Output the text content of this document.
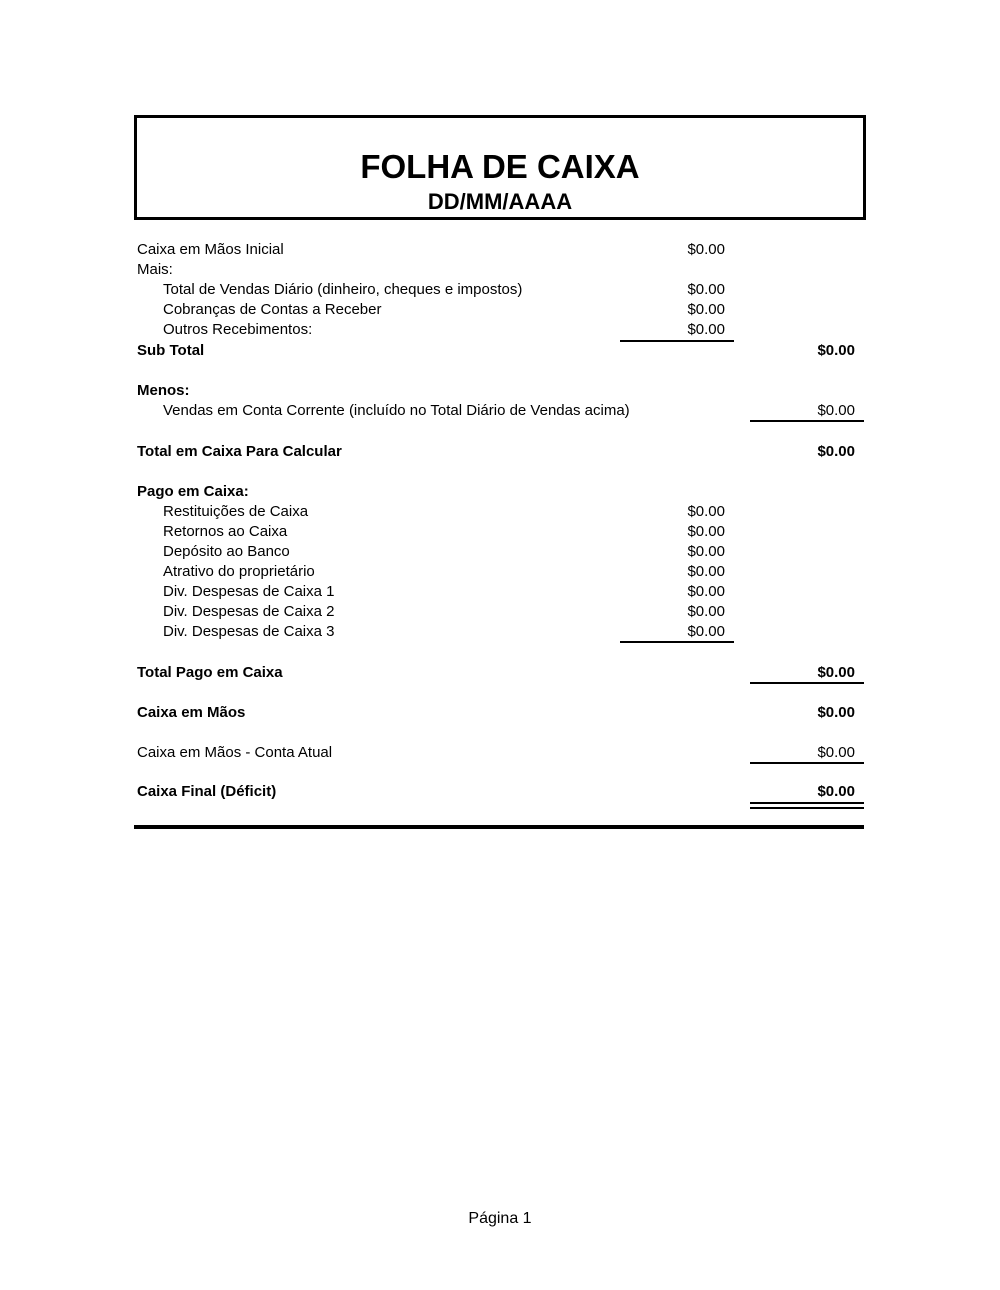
FOLHA DE CAIXA
DD/MM/AAAA
Caixa em Mãos Inicial	$0.00
Mais:
Total de Vendas Diário (dinheiro, cheques e impostos)	$0.00
Cobranças de Contas a Receber	$0.00
Outros Recebimentos:	$0.00
Sub Total	$0.00
Menos:
Vendas em Conta Corrente (incluído no Total Diário de Vendas acima)	$0.00
Total em Caixa Para Calcular	$0.00
Pago em Caixa:
Restituições de Caixa	$0.00
Retornos ao Caixa	$0.00
Depósito ao Banco	$0.00
Atrativo do proprietário	$0.00
Div. Despesas de Caixa 1	$0.00
Div. Despesas de Caixa 2	$0.00
Div. Despesas de Caixa 3	$0.00
Total Pago em Caixa	$0.00
Caixa em Mãos	$0.00
Caixa em Mãos - Conta Atual	$0.00
Caixa Final (Déficit)	$0.00
Página 1
